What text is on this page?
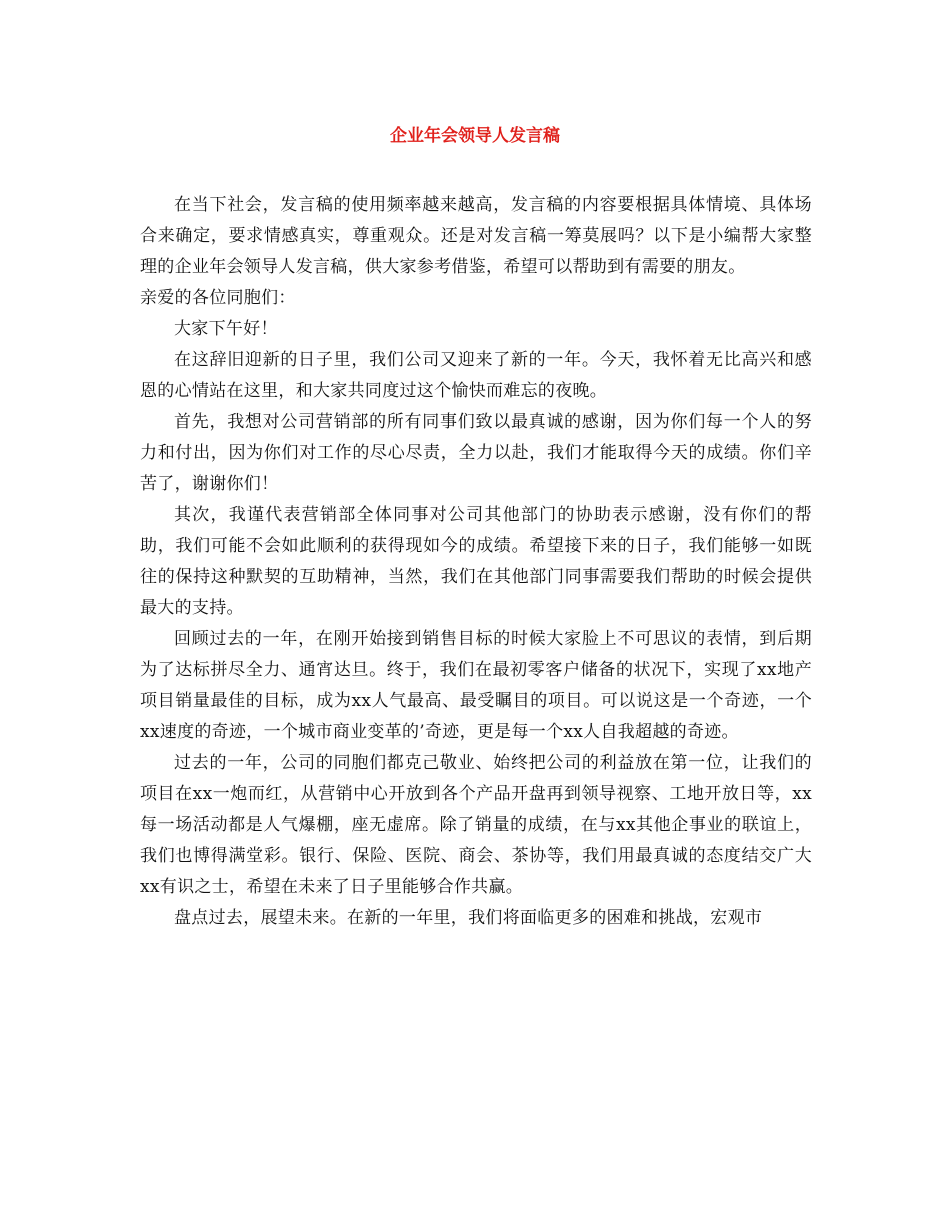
企业年会领导人发言稿

在当下社会，发言稿的使用频率越来越高，发言稿的内容要根据具体情境、具体场合来确定，要求情感真实，尊重观众。还是对发言稿一筹莫展吗？以下是小编帮大家整理的企业年会领导人发言稿，供大家参考借鉴，希望可以帮助到有需要的朋友。

亲爱的各位同胞们：

大家下午好！

在这辞旧迎新的日子里，我们公司又迎来了新的一年。今天，我怀着无比高兴和感恩的心情站在这里，和大家共同度过这个愉快而难忘的夜晚。

首先，我想对公司营销部的所有同事们致以最真诚的感谢，因为你们每一个人的努力和付出，因为你们对工作的尽心尽责，全力以赴，我们才能取得今天的成绩。你们辛苦了，谢谢你们！

其次，我谨代表营销部全体同事对公司其他部门的协助表示感谢，没有你们的帮助，我们可能不会如此顺利的获得现如今的成绩。希望接下来的日子，我们能够一如既往的保持这种默契的互助精神，当然，我们在其他部门同事需要我们帮助的时候会提供最大的支持。

回顾过去的一年，在刚开始接到销售目标的时候大家脸上不可思议的表情，到后期为了达标拼尽全力、通宵达旦。终于，我们在最初零客户储备的状况下，实现了xx地产项目销量最佳的目标，成为xx人气最高、最受瞩目的项目。可以说这是一个奇迹，一个xx速度的奇迹，一个城市商业变革的’奇迹，更是每一个xx人自我超越的奇迹。

过去的一年，公司的同胞们都克己敬业、始终把公司的利益放在第一位，让我们的项目在xx一炮而红，从营销中心开放到各个产品开盘再到领导视察、工地开放日等，xx每一场活动都是人气爆棚，座无虚席。除了销量的成绩，在与xx其他企事业的联谊上，我们也博得满堂彩。银行、保险、医院、商会、茶协等，我们用最真诚的态度结交广大xx有识之士，希望在未来了日子里能够合作共赢。

盘点过去，展望未来。在新的一年里，我们将面临更多的困难和挑战，宏观市
